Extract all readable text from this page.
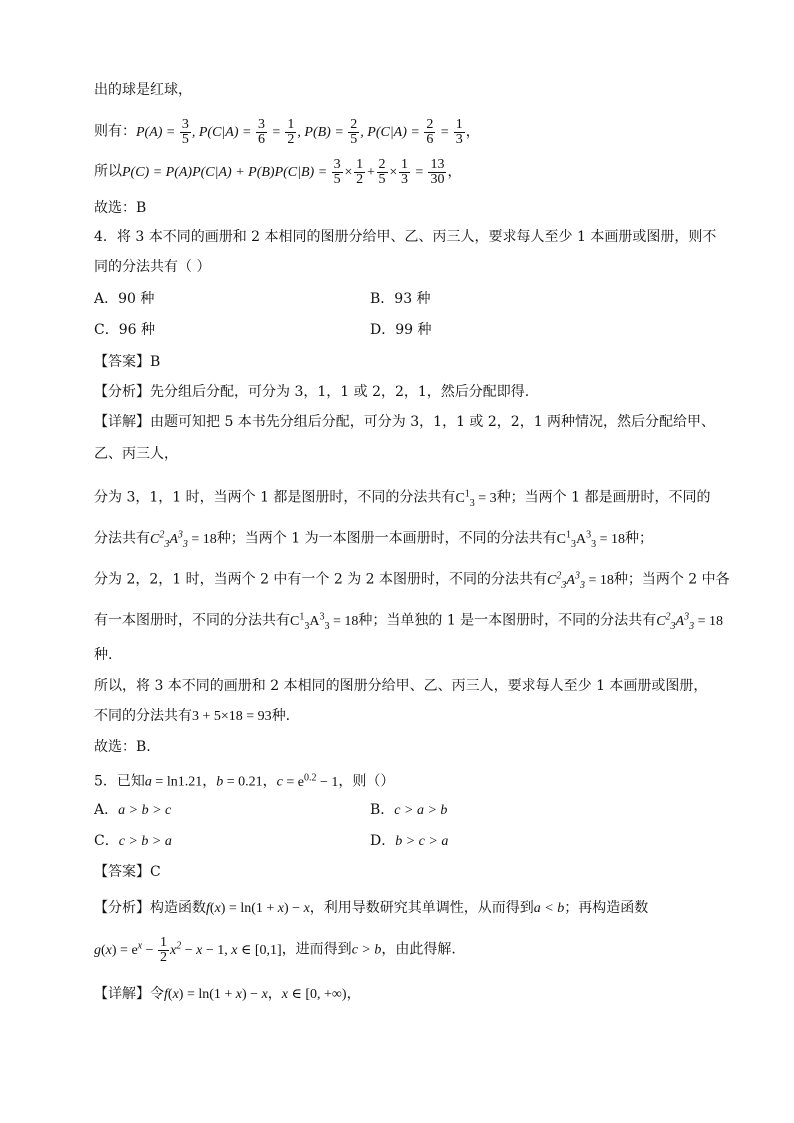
出的球是红球，
则有：$P(A) = \frac{3}{5}$ , $P(C|A) = \frac{3}{6} = \frac{1}{2}$ , $P(B) = \frac{2}{5}$ , $P(C|A) = \frac{2}{6} = \frac{1}{3}$ ，
所以$P(C) = P(A)P(C|A) + P(B)P(C|B) = \frac{3}{5} \times \frac{1}{2} + \frac{2}{5} \times \frac{1}{3} = \frac{13}{30}$ ，
故选：B
4．将 3 本不同的画册和 2 本相同的图册分给甲、乙、丙三人，要求每人至少 1 本画册或图册，则不
同的分法共有（ ）
A．90 种	B．93 种
C．96 种	D．99 种
【答案】B
【分析】先分组后分配，可分为 3，1，1 或 2，2，1，然后分配即得.
【详解】由题可知把 5 本书先分组后分配，可分为 3，1，1 或 2，2，1 两种情况，然后分配给甲、
乙、丙三人，
分为 3，1，1 时，当两个 1 都是图册时，不同的分法共有$C^1_3 = 3$种；当两个 1 都是画册时，不同的
分法共有$C^2_3A^3_3 = 18$种；当两个 1 为一本图册一本画册时，不同的分法共有$C^1_3A^3_3 = 18$种；
分为 2，2，1 时，当两个 2 中有一个 2 为 2 本图册时，不同的分法共有$C^2_3A^3_3 = 18$种；当两个 2 中各
有一本图册时，不同的分法共有$C^1_3A^3_3 = 18$种；当单独的 1 是一本图册时，不同的分法共有$C^2_3A^3_3 = 18$
种.
所以，将 3 本不同的画册和 2 本相同的图册分给甲、乙、丙三人，要求每人至少 1 本画册或图册，
不同的分法共有3 + 5×18 = 93种.
故选：B.
5．已知a = ln1.21，b = 0.21，$c = e^{0.2} - 1$，则（）
A．a > b > c	B．c > a > b
C．c > b > a	D．b > c > a
【答案】C
【分析】构造函数f(x) = ln(1 + x) − x，利用导数研究其单调性，从而得到a < b；再构造函数
$g(x) = e^x - \frac{1}{2} x^2 - x - 1$, x ∈ [0,1]，进而得到c > b，由此得解.
【详解】令f(x) = ln(1 + x) − x，x ∈ [0, +∞)，
